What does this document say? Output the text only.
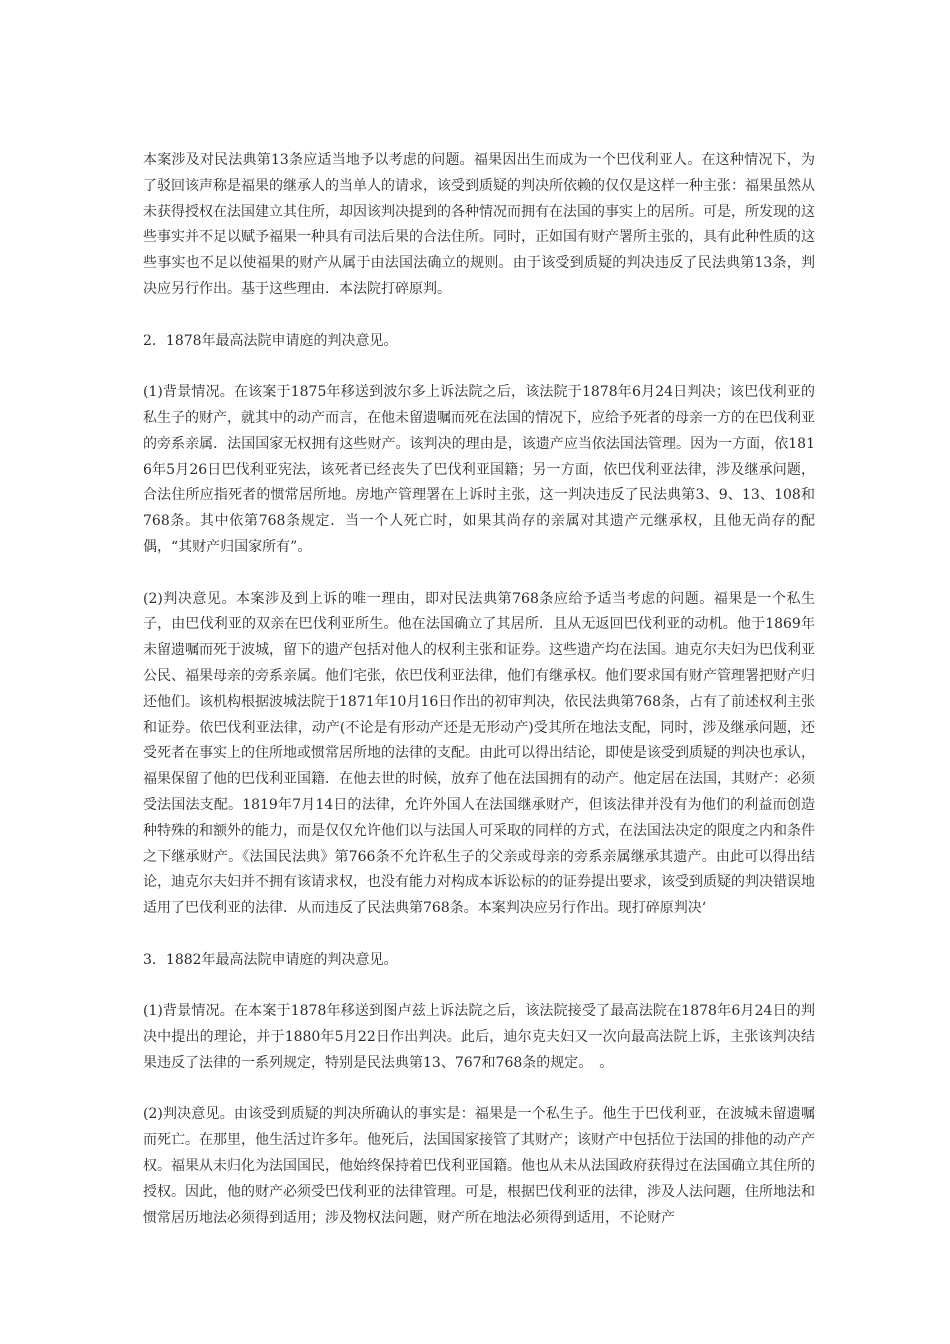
本案涉及对民法典第13条应适当地予以考虑的问题。福果因出生而成为一个巴伐利亚人。在这种情况下，为了驳回该声称是福果的继承人的当单人的请求，该受到质疑的判决所依赖的仅仅是这样一种主张：福果虽然从未获得授权在法国建立其住所，却因该判决提到的各种情况而拥有在法国的事实上的居所。可是，所发现的这些事实并不足以赋予福果一种具有司法后果的合法住所。同时，正如国有财产署所主张的，具有此种性质的这些事实也不足以使福果的财产从属于由法国法确立的规则。由于该受到质疑的判决违反了民法典第13条，判决应另行作出。基于这些理由．本法院打碎原判。

2．1878年最高法院申请庭的判决意见。

(1)背景情况。在该案于1875年移送到波尔多上诉法院之后，该法院于1878年6月24日判决；该巴伐利亚的私生子的财产，就其中的动产而言，在他未留遗嘱而死在法国的情况下，应给予死者的母亲一方的在巴伐利亚的旁系亲属．法国国家无权拥有这些财产。该判决的理由是，该遗产应当依法国法管理。因为一方面，依1816年5月26日巴伐利亚宪法，该死者已经丧失了巴伐利亚国籍；另一方面，依巴伐利亚法律，涉及继承问题，合法住所应指死者的惯常居所地。房地产管理署在上诉时主张，这一判决违反了民法典第3、9、13、108和768条。其中依第768条规定．当一个人死亡时，如果其尚存的亲属对其遗产元继承权，且他无尚存的配偶，“其财产归国家所有”。

(2)判决意见。本案涉及到上诉的唯一理由，即对民法典第768条应给予适当考虑的问题。福果是一个私生子，由巴伐利亚的双亲在巴伐利亚所生。他在法国确立了其居所．且从无返回巴伐利亚的动机。他于1869年未留遗嘱而死于波城，留下的遗产包括对他人的权利主张和证券。这些遗产均在法国。迪克尔夫妇为巴伐利亚公民、福果母亲的旁系亲属。他们宅张，依巴伐利亚法律，他们有继承权。他们要求国有财产管理署把财产归还他们。该机构根据波城法院于1871年10月16日作出的初审判决，依民法典第768条，占有了前述权利主张和证券。依巴伐利亚法律，动产(不论是有形动产还是无形动产)受其所在地法支配，同时，涉及继承问题，还受死者在事实上的住所地或惯常居所地的法律的支配。由此可以得出结论，即使是该受到质疑的判决也承认，福果保留了他的巴伐利亚国籍．在他去世的时候，放弃了他在法国拥有的动产。他定居在法国，其财产：必须受法国法支配。1819年7月14日的法律，允许外国人在法国继承财产，但该法律并没有为他们的利益而创造种特殊的和额外的能力，而是仅仅允许他们以与法国人可采取的同样的方式，在法国法决定的限度之内和条件之下继承财产。《法国民法典》第766条不允许私生子的父亲或母亲的旁系亲属继承其遗产。由此可以得出结论，迪克尔夫妇并不拥有该请求权，也没有能力对构成本诉讼标的的证券提出要求，该受到质疑的判决错误地适用了巴伐利亚的法律．从而违反了民法典第768条。本案判决应另行作出。现打碎原判决‘

3．1882年最高法院申请庭的判决意见。

(1)背景情况。在本案于1878年移送到图卢兹上诉法院之后，该法院接受了最高法院在1878年6月24日的判决中提出的理论，并于1880年5月22日作出判决。此后，迪尔克夫妇又一次向最高法院上诉，主张该判决结果违反了法律的一系列规定，特别是民法典第13、767和768条的规定。　。

(2)判决意见。由该受到质疑的判决所确认的事实是：福果是一个私生子。他生于巴伐利亚，在波城未留遗嘱而死亡。在那里，他生活过许多年。他死后，法国国家接管了其财产；该财产中包括位于法国的排他的动产产权。福果从未归化为法国国民，他始终保持着巴伐利亚国籍。他也从未从法国政府获得过在法国确立其住所的授权。因此，他的财产必须受巴伐利亚的法律管理。可是，根据巴伐利亚的法律，涉及人法问题，住所地法和惯常居历地法必须得到适用；涉及物权法问题，财产所在地法必须得到适用，不论财产
